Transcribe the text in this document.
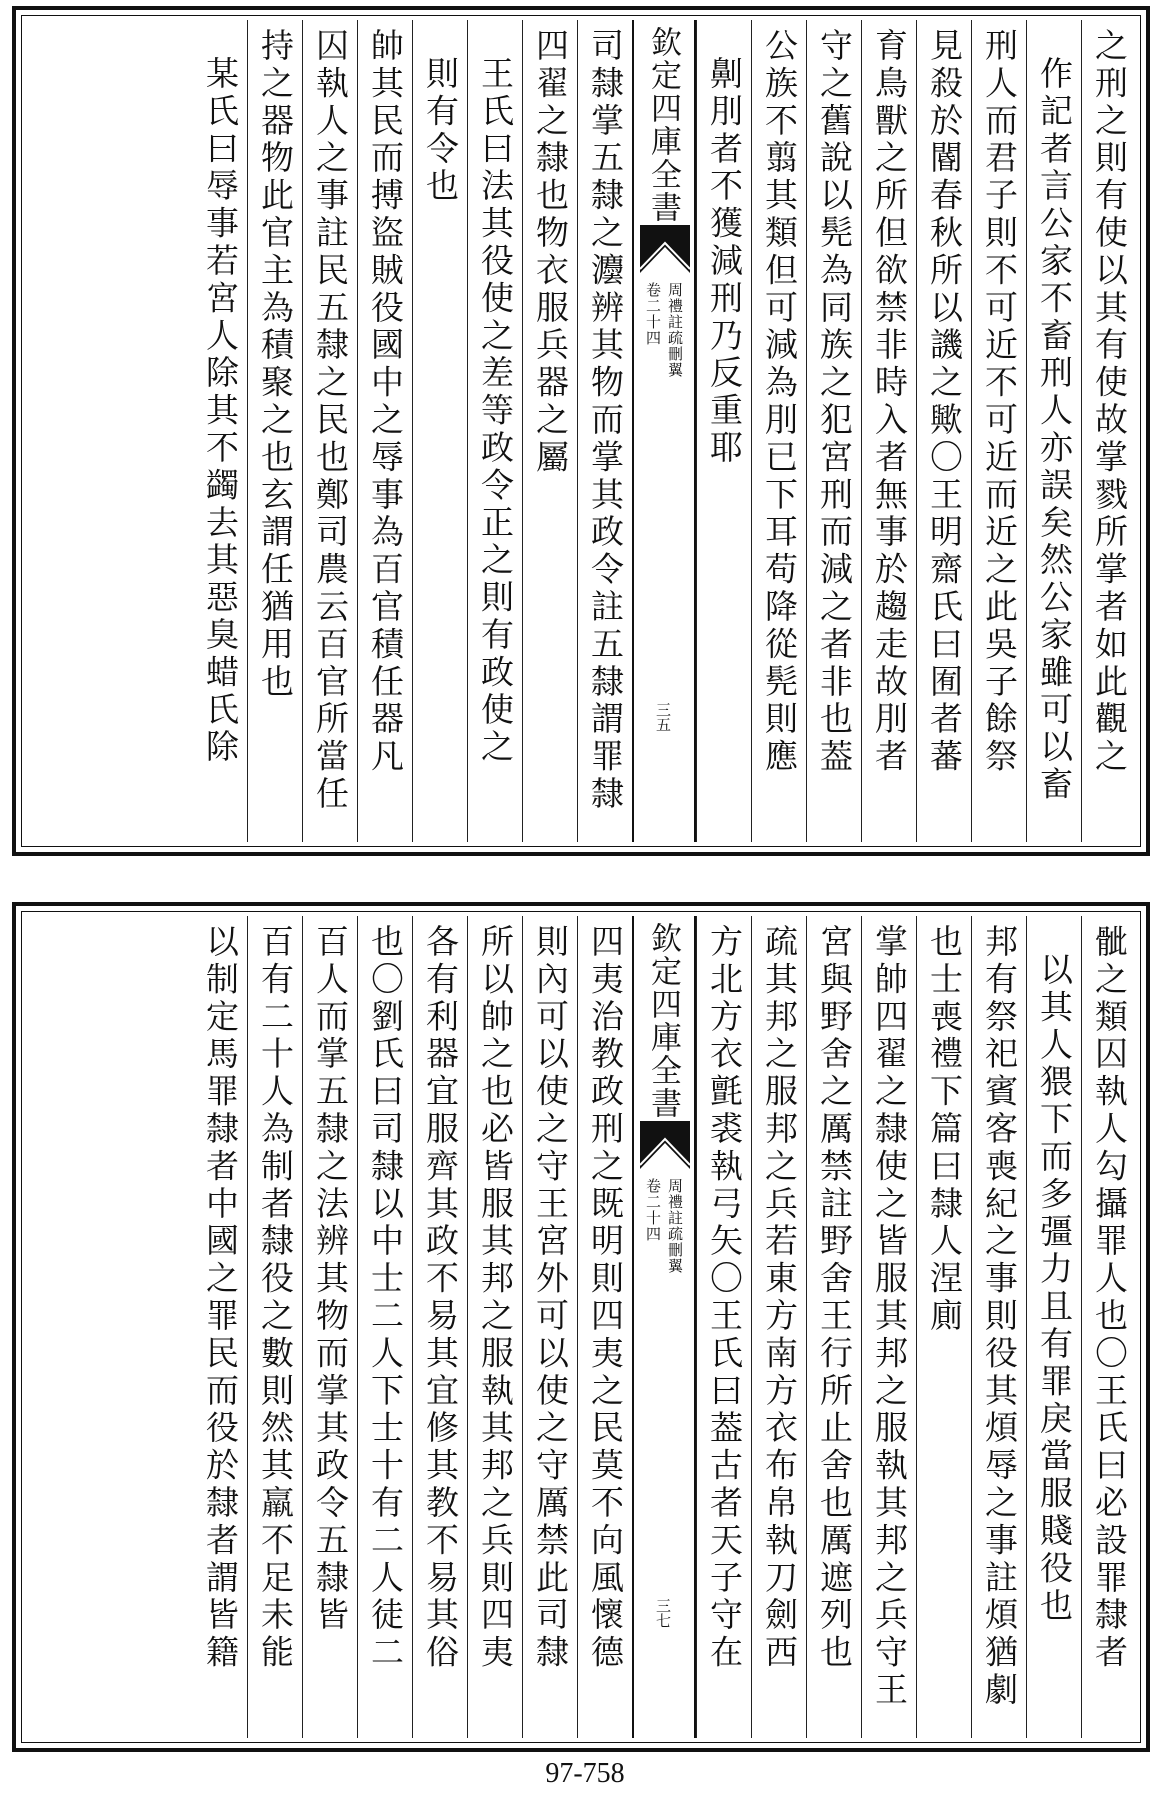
之刑之則有使以其有使故掌戮所掌者如此觀之
作記者言公家不畜刑人亦誤矣然公家雖可以畜
刑人而君子則不可近不可近而近之此吳子餘祭
見殺於閽春秋所以譏之歟〇王明齋氏曰囿者蕃
育鳥獸之所但欲禁非時入者無事於趨走故刖者
守之舊說以髡為同族之犯宮刑而減之者非也葢
公族不翦其類但可減為刖已下耳苟降從髡則應
劓刖者不獲減刑乃反重耶
欽定四庫全書
周禮註疏刪翼
卷二十四
三五
司隸掌五隸之灋辨其物而掌其政令註五隸謂罪隸
四翟之隸也物衣服兵器之屬
王氏曰法其役使之差等政令正之則有政使之
則有令也
帥其民而搏盜賊役國中之辱事為百官積任器凡
囚執人之事註民五隸之民也鄭司農云百官所當任
持之器物此官主為積聚之也玄謂任猶用也
某氏曰辱事若宮人除其不蠲去其惡臭蜡氏除
骴之類囚執人勾攝罪人也〇王氏曰必設罪隸者
以其人猥下而多彊力且有罪戾當服賤役也
邦有祭祀賓客喪紀之事則役其煩辱之事註煩猶劇
也士喪禮下篇曰隸人涅廁
掌帥四翟之隸使之皆服其邦之服執其邦之兵守王
宮與野舍之厲禁註野舍王行所止舍也厲遮列也
疏其邦之服邦之兵若東方南方衣布帛執刀劍西
方北方衣氈裘執弓矢〇王氏曰葢古者天子守在
欽定四庫全書
周禮註疏刪翼
卷二十四
三七
四夷治教政刑之既明則四夷之民莫不向風懷德
則內可以使之守王宮外可以使之守厲禁此司隸
所以帥之也必皆服其邦之服執其邦之兵則四夷
各有利器宜服齊其政不易其宜修其教不易其俗
也〇劉氏曰司隸以中士二人下士十有二人徒二
百人而掌五隸之法辨其物而掌其政令五隸皆
百有二十人為制者隸役之數則然其羸不足未能
以制定馬罪隸者中國之罪民而役於隸者謂皆籍
97-758
